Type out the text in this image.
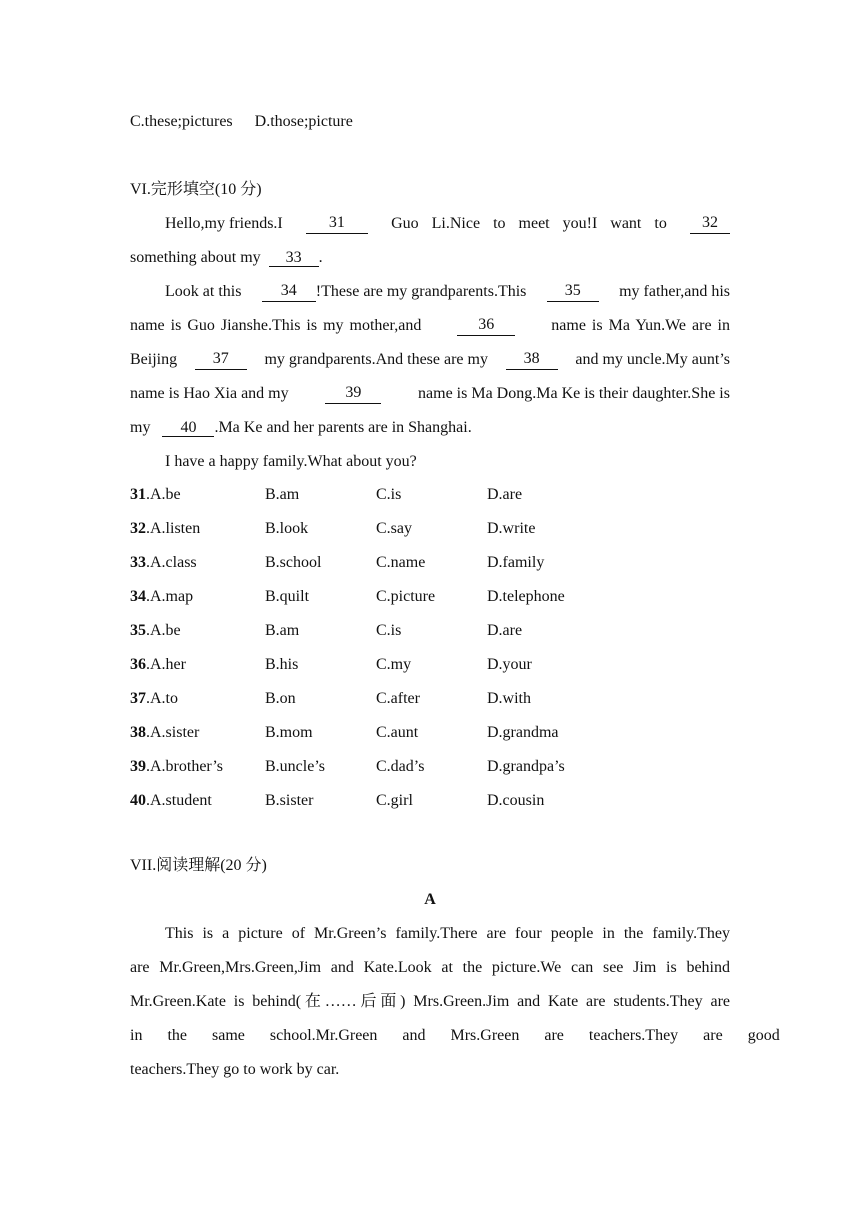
C.these;pictures D.those;picture
VI.完形填空(10 分)
Hello,my friends.I	31	Guo Li.Nice to meet you!I want to	32
something about my 33 .
Look at this	34	!These are my grandparents.This	35	my father,and his
name is Guo Jianshe.This is my mother,and	36	name is Ma Yun.We are in
Beijing	37	my grandparents.And these are my	38	and my uncle.My aunt’s
name is Hao Xia and my	39	name is Ma Dong.Ma Ke is their daughter.She is
my 40 .Ma Ke and her parents are in Shanghai.
I have a happy family.What about you?
31.A.be	B.am	C.is	D.are
32.A.listen	B.look	C.say	D.write
33.A.class	B.school	C.name	D.family
34.A.map	B.quilt	C.picture	D.telephone
35.A.be	B.am	C.is	D.are
36.A.her	B.his	C.my	D.your
37.A.to	B.on	C.after	D.with
38.A.sister	B.mom	C.aunt	D.grandma
39.A.brother’s	B.uncle’s	C.dad’s	D.grandpa’s
40.A.student	B.sister	C.girl	D.cousin
VII.阅读理解(20 分)
A
This is a picture of Mr.Green’s family.There are four people in the family.They
are Mr.Green,Mrs.Green,Jim and Kate.Look at the picture.We can see Jim is behind
Mr.Green.Kate is behind(在……后面) Mrs.Green.Jim and Kate are students.They are
in the same school.Mr.Green and Mrs.Green are teachers.They are good
teachers.They go to work by car.
